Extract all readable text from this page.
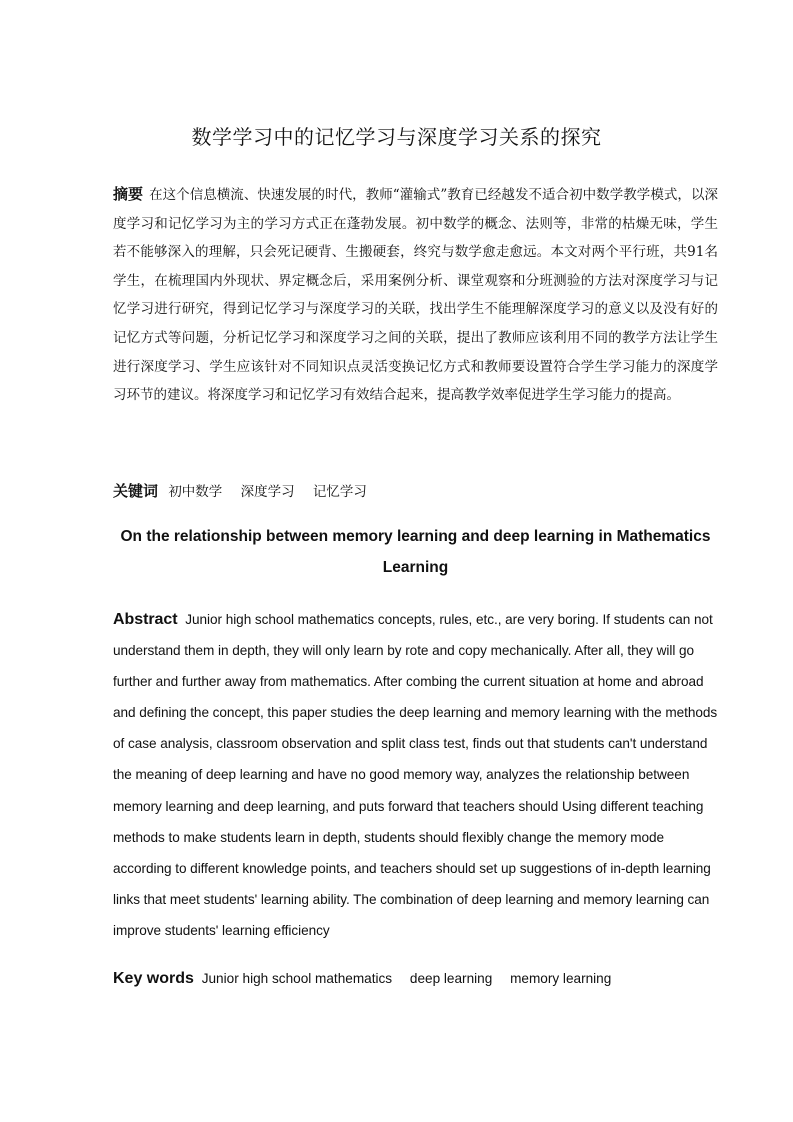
数学学习中的记忆学习与深度学习关系的探究

摘要 在这个信息横流、快速发展的时代，教师“灌输式”教育已经越发不适合初中数学教学模式，以深度学习和记忆学习为主的学习方式正在蓬勃发展。初中数学的概念、法则等，非常的枯燥无味，学生若不能够深入的理解，只会死记硬背、生搬硬套，终究与数学愈走愈远。本文对两个平行班，共91名学生，在梳理国内外现状、界定概念后，采用案例分析、课堂观察和分班测验的方法对深度学习与记忆学习进行研究，得到记忆学习与深度学习的关联，找出学生不能理解深度学习的意义以及没有好的记忆方式等问题，分析记忆学习和深度学习之间的关联，提出了教师应该利用不同的教学方法让学生进行深度学习、学生应该针对不同知识点灵活变换记忆方式和教师要设置符合学生学习能力的深度学习环节的建议。将深度学习和记忆学习有效结合起来，提高教学效率促进学生学习能力的提高。

关键词 初中数学 深度学习 记忆学习

On the relationship between memory learning and deep learning in Mathematics Learning

Abstract Junior high school mathematics concepts, rules, etc., are very boring. If students can not understand them in depth, they will only learn by rote and copy mechanically. After all, they will go further and further away from mathematics. After combing the current situation at home and abroad and defining the concept, this paper studies the deep learning and memory learning with the methods of case analysis, classroom observation and split class test, finds out that students can't understand the meaning of deep learning and have no good memory way, analyzes the relationship between memory learning and deep learning, and puts forward that teachers should Using different teaching methods to make students learn in depth, students should flexibly change the memory mode according to different knowledge points, and teachers should set up suggestions of in-depth learning links that meet students' learning ability. The combination of deep learning and memory learning can improve students' learning efficiency

Key words Junior high school mathematics deep learning memory learning
